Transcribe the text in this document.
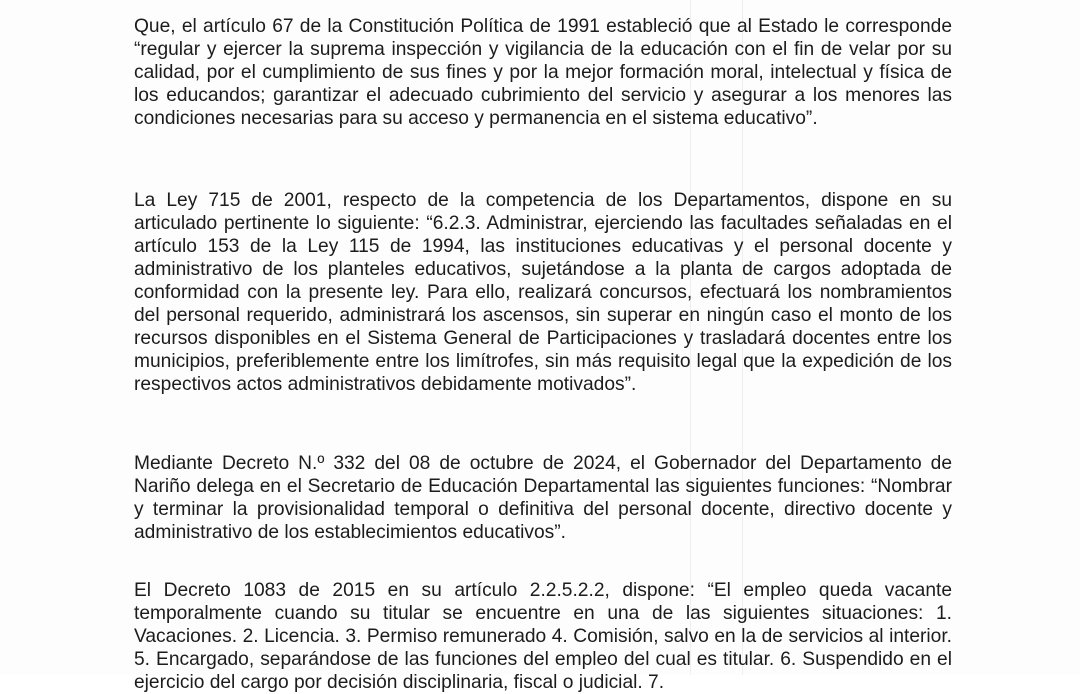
Que, el artículo 67 de la Constitución Política de 1991 estableció que al Estado le corresponde “regular y ejercer la suprema inspección y vigilancia de la educación con el fin de velar por su calidad, por el cumplimiento de sus fines y por la mejor formación moral, intelectual y física de los educandos; garantizar el adecuado cubrimiento del servicio y asegurar a los menores las condiciones necesarias para su acceso y permanencia en el sistema educativo”.

La Ley 715 de 2001, respecto de la competencia de los Departamentos, dispone en su articulado pertinente lo siguiente: “6.2.3. Administrar, ejerciendo las facultades señaladas en el artículo 153 de la Ley 115 de 1994, las instituciones educativas y el personal docente y administrativo de los planteles educativos, sujetándose a la planta de cargos adoptada de conformidad con la presente ley. Para ello, realizará concursos, efectuará los nombramientos del personal requerido, administrará los ascensos, sin superar en ningún caso el monto de los recursos disponibles en el Sistema General de Participaciones y trasladará docentes entre los municipios, preferiblemente entre los limítrofes, sin más requisito legal que la expedición de los respectivos actos administrativos debidamente motivados”.

Mediante Decreto N.º 332 del 08 de octubre de 2024, el Gobernador del Departamento de Nariño delega en el Secretario de Educación Departamental las siguientes funciones: “Nombrar y terminar la provisionalidad temporal o definitiva del personal docente, directivo docente y administrativo de los establecimientos educativos”.

El Decreto 1083 de 2015 en su artículo 2.2.5.2.2, dispone: “El empleo queda vacante temporalmente cuando su titular se encuentre en una de las siguientes situaciones: 1. Vacaciones. 2. Licencia. 3. Permiso remunerado 4. Comisión, salvo en la de servicios al interior. 5. Encargado, separándose de las funciones del empleo del cual es titular. 6. Suspendido en el ejercicio del cargo por decisión disciplinaria, fiscal o judicial. 7.
